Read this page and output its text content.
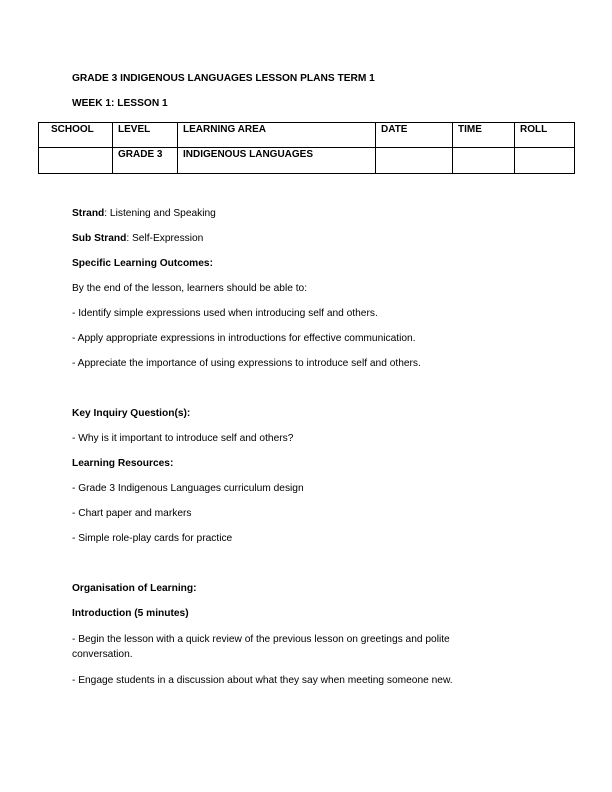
GRADE 3 INDIGENOUS LANGUAGES LESSON PLANS TERM 1
WEEK 1: LESSON 1
SCHOOL	LEVEL	LEARNING AREA	DATE	TIME	ROLL
	GRADE 3	INDIGENOUS LANGUAGES			
Strand: Listening and Speaking
Sub Strand: Self-Expression
Specific Learning Outcomes:
By the end of the lesson, learners should be able to:
- Identify simple expressions used when introducing self and others.
- Apply appropriate expressions in introductions for effective communication.
- Appreciate the importance of using expressions to introduce self and others.
Key Inquiry Question(s):
- Why is it important to introduce self and others?
Learning Resources:
- Grade 3 Indigenous Languages curriculum design
- Chart paper and markers
- Simple role-play cards for practice
Organisation of Learning:
Introduction (5 minutes)
- Begin the lesson with a quick review of the previous lesson on greetings and polite conversation.
- Engage students in a discussion about what they say when meeting someone new.
